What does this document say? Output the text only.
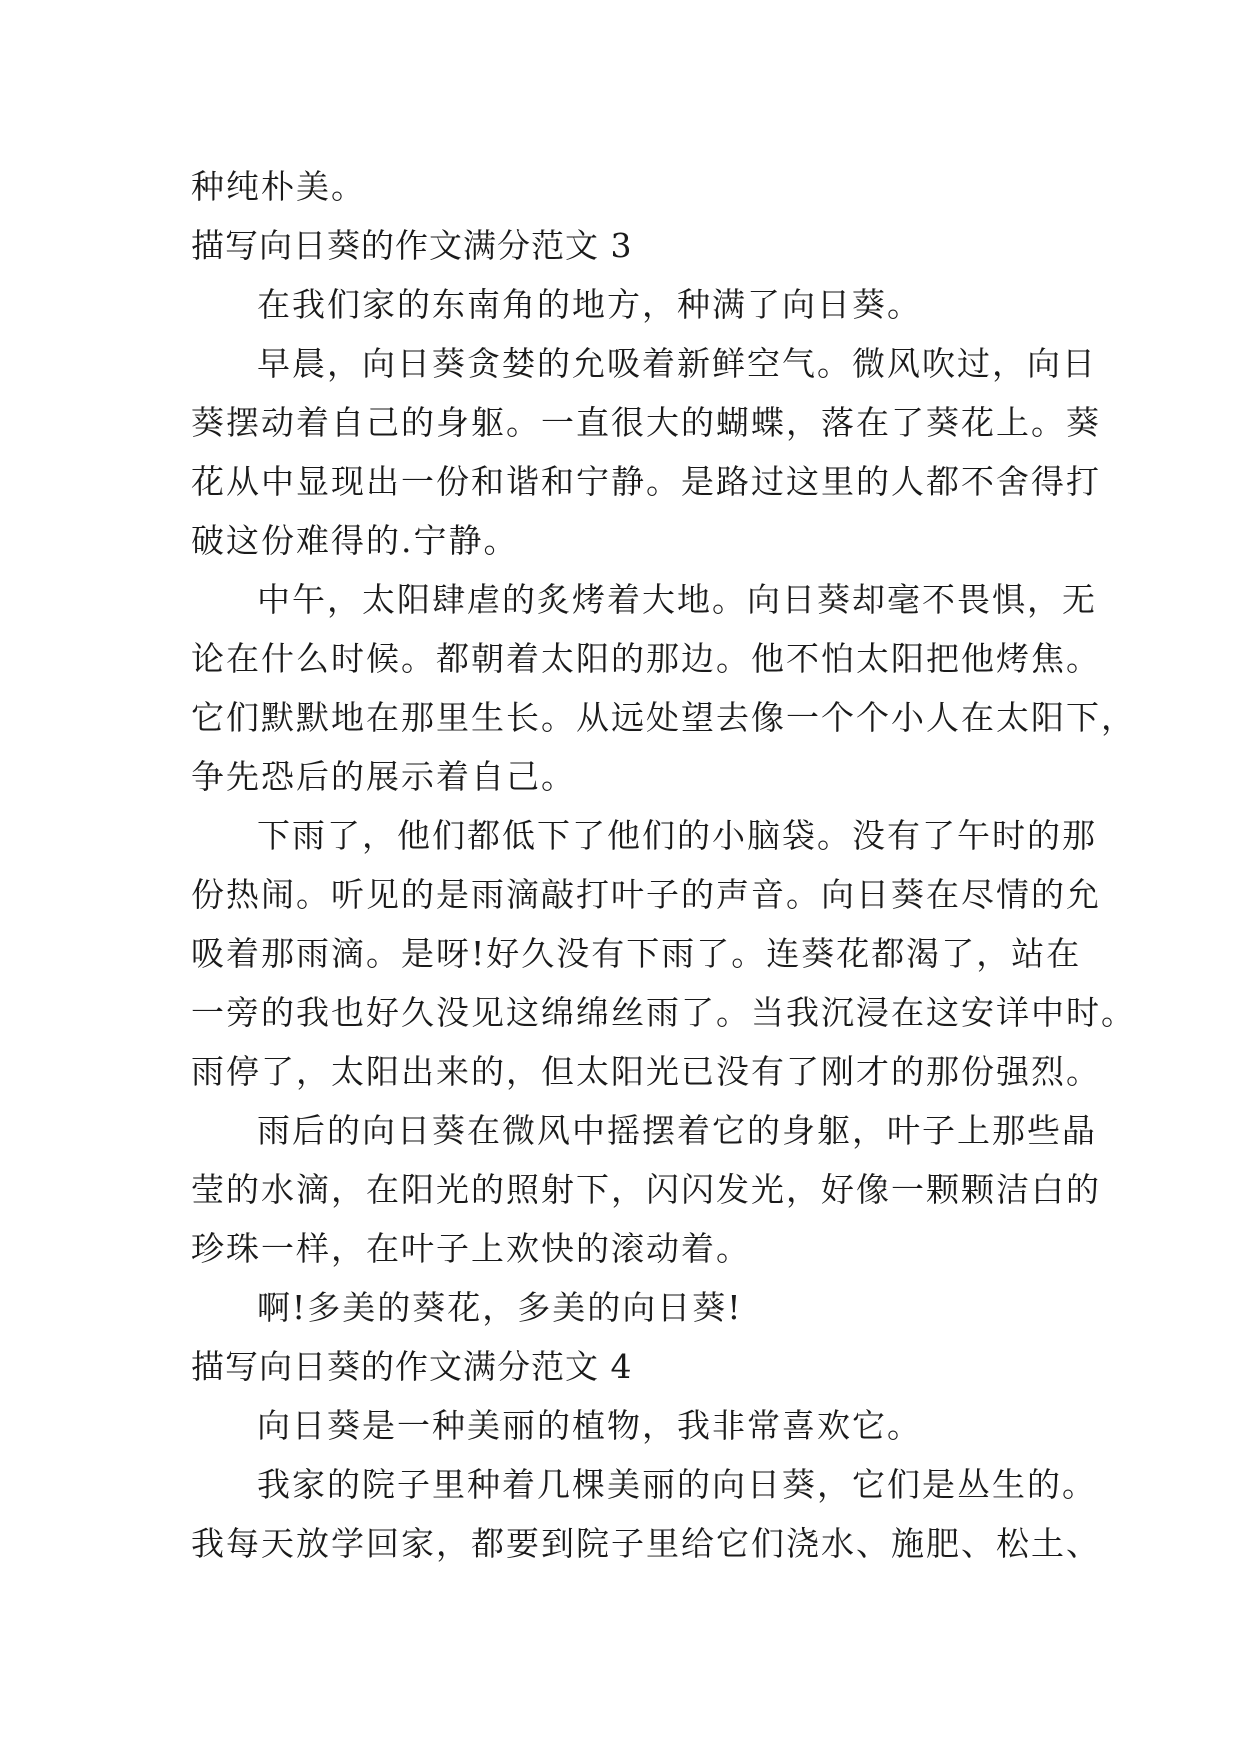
种纯朴美。
描写向日葵的作文满分范文 3
在我们家的东南角的地方，种满了向日葵。
早晨，向日葵贪婪的允吸着新鲜空气。微风吹过，向日
葵摆动着自己的身躯。一直很大的蝴蝶，落在了葵花上。葵
花从中显现出一份和谐和宁静。是路过这里的人都不舍得打
破这份难得的.宁静。
中午，太阳肆虐的炙烤着大地。向日葵却毫不畏惧，无
论在什么时候。都朝着太阳的那边。他不怕太阳把他烤焦。
它们默默地在那里生长。从远处望去像一个个小人在太阳下，
争先恐后的展示着自己。
下雨了，他们都低下了他们的小脑袋。没有了午时的那
份热闹。听见的是雨滴敲打叶子的声音。向日葵在尽情的允
吸着那雨滴。是呀!好久没有下雨了。连葵花都渴了，站在
一旁的我也好久没见这绵绵丝雨了。当我沉浸在这安详中时。
雨停了，太阳出来的，但太阳光已没有了刚才的那份强烈。
雨后的向日葵在微风中摇摆着它的身躯，叶子上那些晶
莹的水滴，在阳光的照射下，闪闪发光，好像一颗颗洁白的
珍珠一样，在叶子上欢快的滚动着。
啊!多美的葵花，多美的向日葵!
描写向日葵的作文满分范文 4
向日葵是一种美丽的植物，我非常喜欢它。
我家的院子里种着几棵美丽的向日葵，它们是丛生的。
我每天放学回家，都要到院子里给它们浇水、施肥、松土、
